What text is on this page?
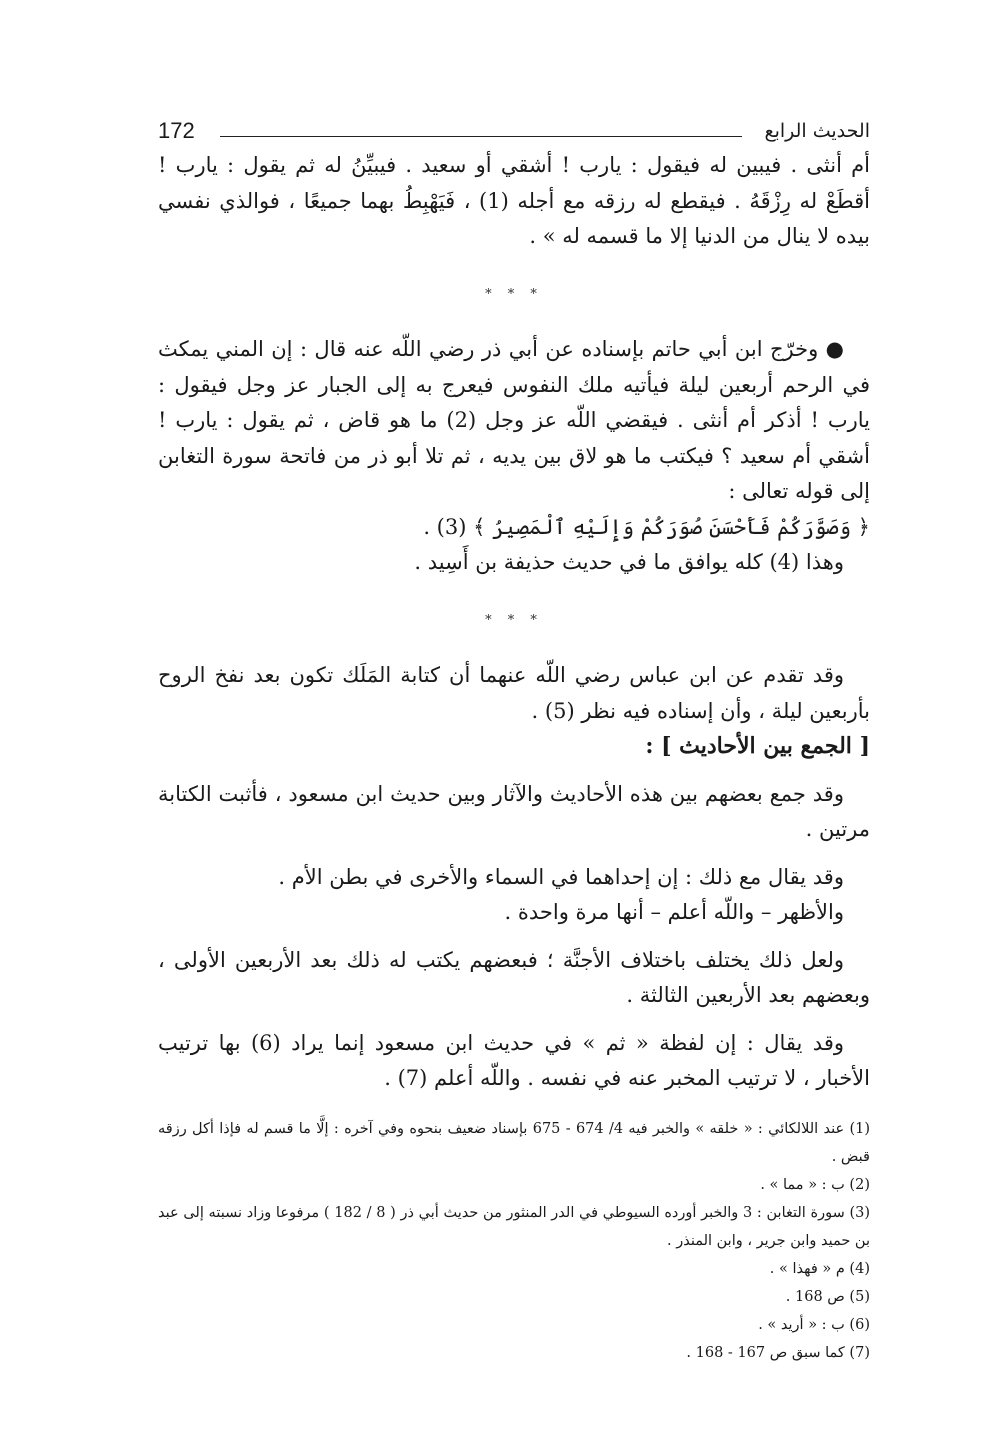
الحديث الرابع
172

أم أنثى . فيبين له فيقول : يارب ! أشقي أو سعيد . فيبيِّنُ له ثم يقول : يارب ! أقطَعْ له رِزْقَهُ . فيقطع له رزقه مع أجله (1) ، فَيَهْبِطُ بهما جميعًا ، فوالذي نفسي بيده لا ينال من الدنيا إلا ما قسمه له » .

* * *

● وخرّج ابن أبي حاتم بإسناده عن أبي ذر رضي اللّه عنه قال : إن المني يمكث في الرحم أربعين ليلة فيأتيه ملك النفوس فيعرج به إلى الجبار عز وجل فيقول : يارب ! أذكر أم أنثى . فيقضي اللّه عز وجل (2) ما هو قاض ، ثم يقول : يارب ! أشقي أم سعيد ؟ فيكتب ما هو لاق بين يديه ، ثم تلا أبو ذر من فاتحة سورة التغابن إلى قوله تعالى :

﴿ وَصَوَّرَكُمْ فَأَحْسَنَ صُوَرَكُمْ وَإِلَيْهِ ٱلْمَصِيرُ ﴾ (3) .

وهذا (4) كله يوافق ما في حديث حذيفة بن أَسِيد .

* * *

وقد تقدم عن ابن عباس رضي اللّه عنهما أن كتابة المَلَك تكون بعد نفخ الروح بأربعين ليلة ، وأن إسناده فيه نظر (5) .

[ الجمع بين الأحاديث ] :

وقد جمع بعضهم بين هذه الأحاديث والآثار وبين حديث ابن مسعود ، فأثبت الكتابة مرتين .

وقد يقال مع ذلك : إن إحداهما في السماء والأخرى في بطن الأم .

والأظهر – واللّه أعلم – أنها مرة واحدة .

ولعل ذلك يختلف باختلاف الأجنَّة ؛ فبعضهم يكتب له ذلك بعد الأربعين الأولى ، وبعضهم بعد الأربعين الثالثة .

وقد يقال : إن لفظة « ثم » في حديث ابن مسعود إنما يراد (6) بها ترتيب الأخبار ، لا ترتيب المخبر عنه في نفسه . واللّه أعلم (7) .

(1) عند اللالكائي : « خلقه » والخبر فيه 4/ 674 - 675 بإسناد ضعيف بنحوه وفي آخره : إلَّا ما قسم له فإذا أكل رزقه قبض .

(2) ب : « مما » .

(3) سورة التغابن : 3 والخبر أورده السيوطي في الدر المنثور من حديث أبي ذر ( 8 / 182 ) مرفوعا وزاد نسبته إلى عبد بن حميد وابن جرير ، وابن المنذر .

(4) م « فهذا » .

(5) ص 168 .

(6) ب : « أريد » .

(7) كما سبق ص 167 - 168 .
